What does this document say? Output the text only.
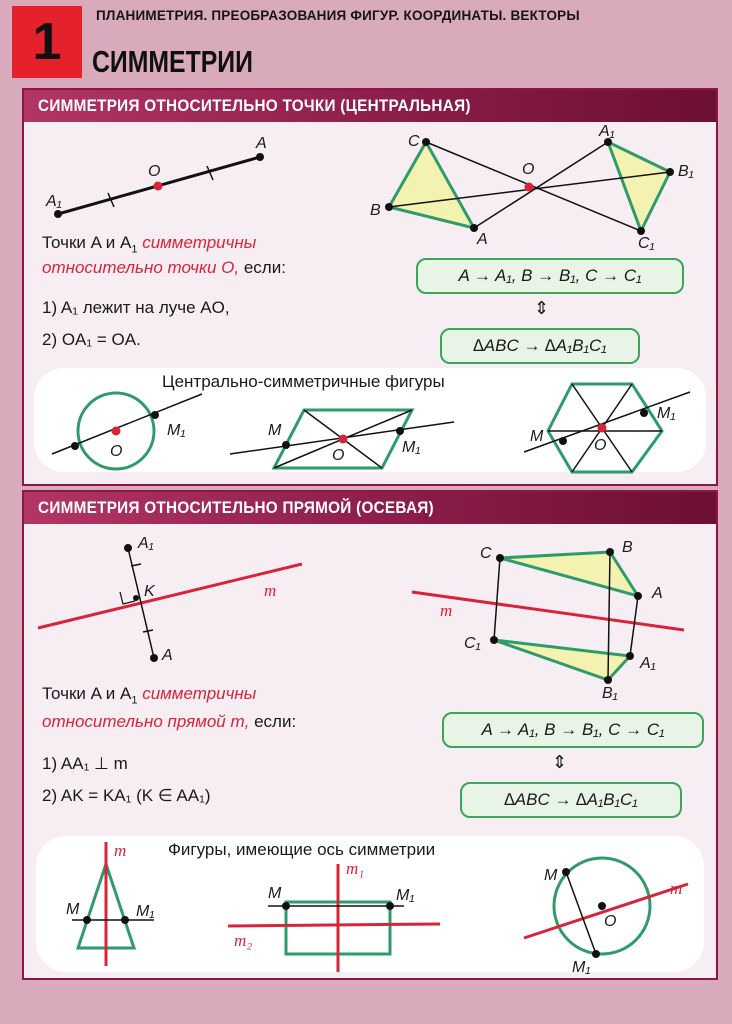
1	ПЛАНИМЕТРИЯ. ПРЕОБРАЗОВАНИЯ ФИГУР. КООРДИНАТЫ. ВЕКТОРЫ
СИММЕТРИИ
СИММЕТРИЯ ОТНОСИТЕЛЬНО ТОЧКИ (ЦЕНТРАЛЬНАЯ)
A₁
O
A	C
B
A
O
A₁
B₁
C₁
O
M₁	M
O	M₁
M
O
M₁
Точки A и $A_1$ симметричны
относительно точки O, если:
1) A₁ лежит на луче AO,
2) OA₁ = OA.
A → A₁, B → B₁, C → C₁
⇕
∆ABC → ∆A₁B₁C₁
Центрально-симметричные фигуры
СИММЕТРИЯ ОТНОСИТЕЛЬНО ПРЯМОЙ (ОСЕВАЯ)
A₁
K
A
m
C	B
A
m
C₁
A₁
B₁
m
M	M₁
m₁
M	M₁
m₂
M
O
m
M₁
Точки A и $A_1$ симметричны
относительно прямой m, если:
1) AA₁ ⊥ m
2) AK = KA₁ (K ∈ AA₁)
A → A₁, B → B₁, C → C₁
⇕
∆ABC → ∆A₁B₁C₁
Фигуры, имеющие ось симметрии
